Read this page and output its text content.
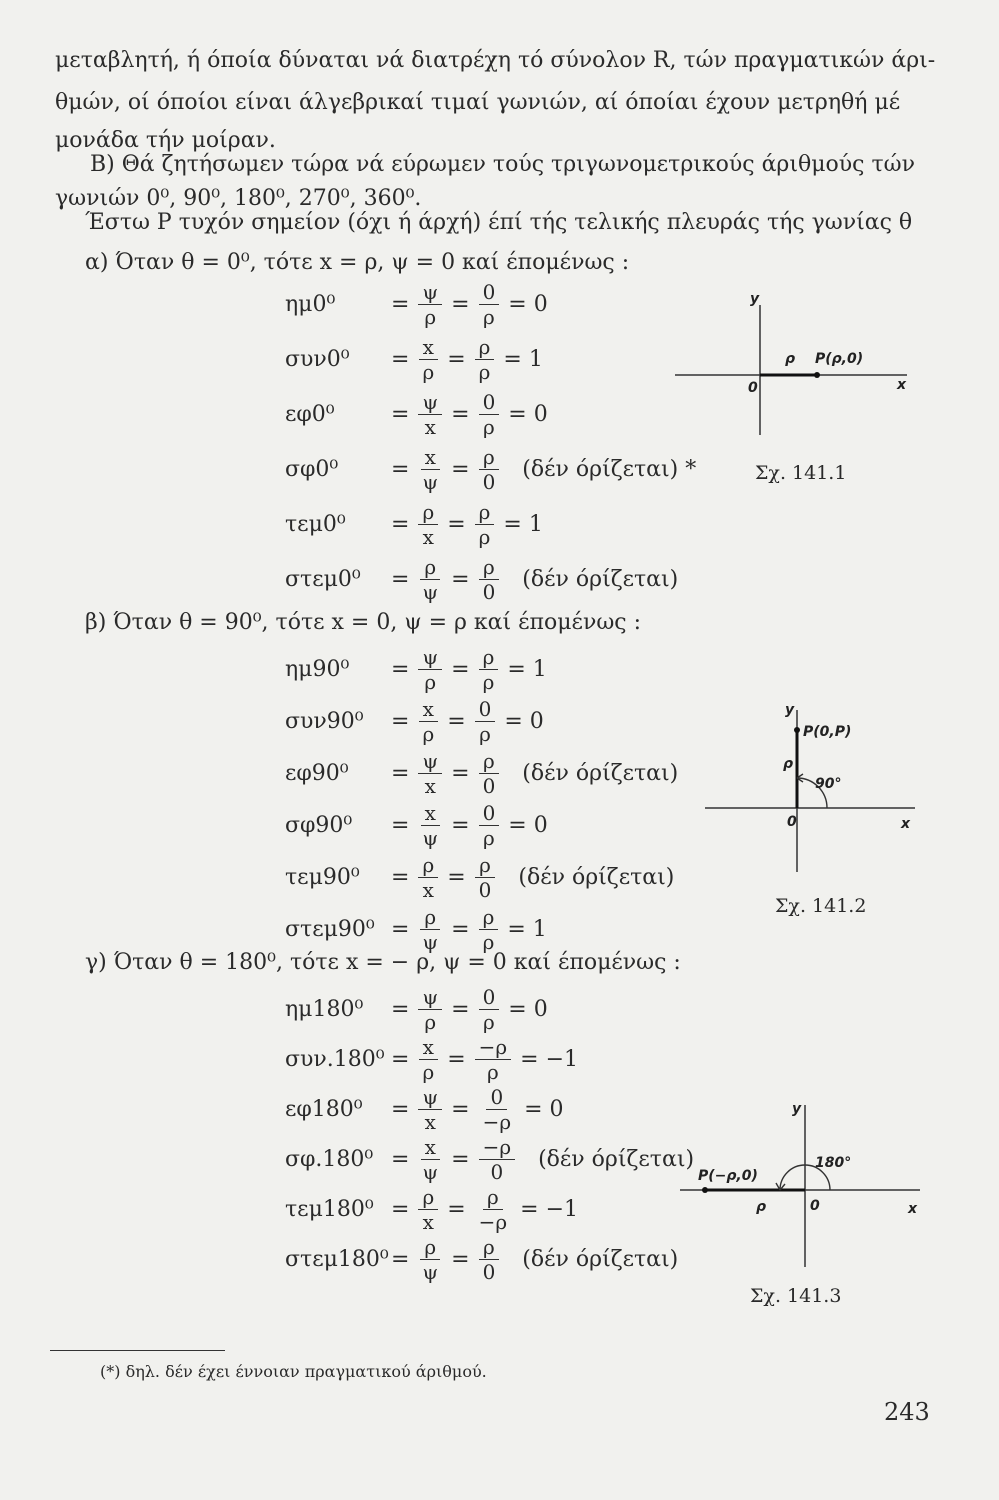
μεταβλητή, ή όποία δύναται νά διατρέχη τό σύνολον R, τών πραγματικών άρι-
θμών, οί όποίοι είναι άλγεβρικαί τιμαί γωνιών, αί όποίαι έχουν μετρηθή μέ
μονάδα τήν μοίραν.
Β) Θά ζητήσωμεν τώρα νά εύρωμεν τούς τριγωνομετρικούς άριθμούς τών
γωνιών 0⁰, 90⁰, 180⁰, 270⁰, 360⁰.
Έστω Ρ τυχόν σημείον (όχι ή άρχή) έπί τής τελικής πλευράς τής γωνίας θ
α) Όταν θ = 0⁰, τότε x = ρ, ψ = 0 καί έπομένως :
ημ0⁰	= $\frac{\psi}{\rho} = \frac{0}{\rho} = 0$
συν0⁰	= $\frac{x}{\rho} = \frac{\rho}{\rho} = 1$
εφ0⁰	= $\frac{\psi}{x} = \frac{0}{\rho} = 0$
σφ0⁰	= $\frac{x}{\psi} = \frac{\rho}{0} (\delta έ\nu$ όρίζεται) *
τεμ0⁰	= $\frac{\rho}{x} = \frac{\rho}{\rho} = 1$
στεμ0⁰	= $\frac{\rho}{\psi} = \frac{\rho}{0} (\delta έ\nu$ όρίζεται)
β) Όταν θ = 90⁰, τότε x = 0, ψ = ρ καί έπομένως :
ημ90⁰	= $\frac{\psi}{\rho} = \frac{\rho}{\rho} = 1$
συν90⁰	= $\frac{x}{\rho} = \frac{0}{\rho} = 0$
εφ90⁰	= $\frac{\psi}{x} = \frac{\rho}{0} (\delta έ\nu$ όρίζεται)
σφ90⁰	= $\frac{x}{\psi} = \frac{0}{\rho} = 0$
τεμ90⁰	= $\frac{\rho}{x} = \frac{\rho}{0} (\delta έ\nu$ όρίζεται)
$\sigma\tau\varepsilon\mu 90^0 = \frac{\rho}{\psi} = \frac{\rho}{\rho} = 1$
γ) Όταν θ = 180⁰, τότε x = − ρ, ψ = 0 καί έπομένως :
ημ180⁰	= $\frac{\psi}{\rho} = \frac{0}{\rho} = 0$
$\sigma\upsilon\nu.180^0 = \frac{x}{\rho} = \frac{-\rho}{\rho} = -1$
εφ180⁰	= $\frac{\psi}{x} = \frac{0}{-\rho} = 0$
$\sigma\varphi.180^0 = \frac{x}{\psi} = \frac{-\rho}{0} (\delta έ\nu$ όρίζεται)
$\tau\varepsilon\mu 180^0 = \frac{\rho}{x} = \frac{\rho}{-\rho} = -1$
$\sigma\tau\varepsilon\mu 180^0 = \frac{\rho}{\psi} = \frac{\rho}{0} (\delta έ\nu$ όρίζεται)
y
x
0
ρ P(ρ,0)
Σχ. 141.1
y
x
0
ρ
P(0,P)
90°
Σχ. 141.2
y
x
0
ρ
P(−ρ,0)
180°
Σχ. 141.3
(*) δηλ. δέν έχει έννοιαν πραγματικού άριθμού.
243
